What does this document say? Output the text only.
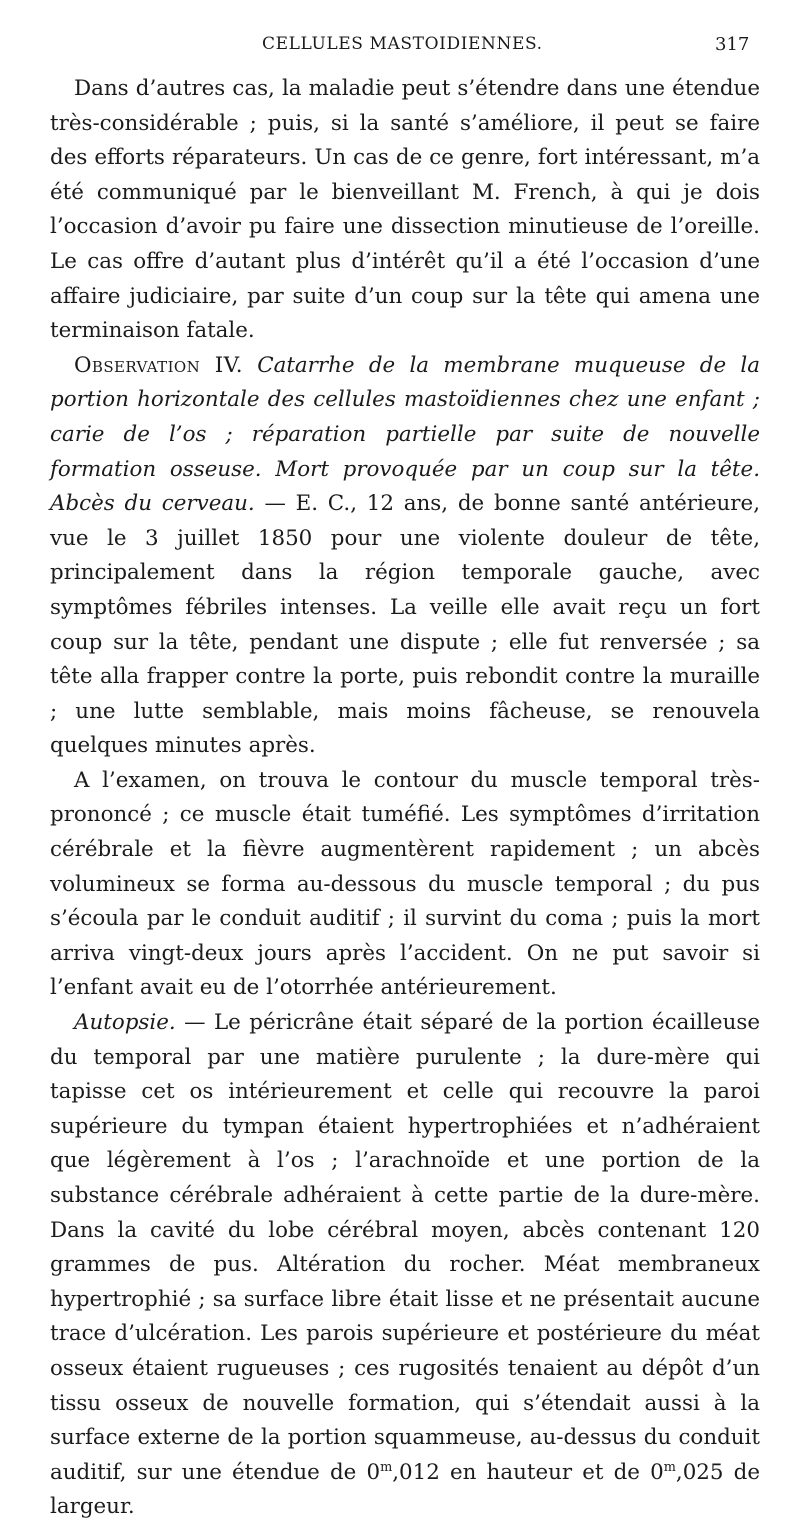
CELLULES MASTOIDIENNES.	317

Dans d’autres cas, la maladie peut s’étendre dans une étendue très-considérable ; puis, si la santé s’améliore, il peut se faire des efforts réparateurs. Un cas de ce genre, fort intéressant, m’a été communiqué par le bienveillant M. French, à qui je dois l’occasion d’avoir pu faire une dissection minutieuse de l’oreille. Le cas offre d’autant plus d’intérêt qu’il a été l’occasion d’une affaire judiciaire, par suite d’un coup sur la tête qui amena une terminaison fatale.

Observation IV. Catarrhe de la membrane muqueuse de la portion horizontale des cellules mastoïdiennes chez une enfant ; carie de l’os ; réparation partielle par suite de nouvelle formation osseuse. Mort provoquée par un coup sur la tête. Abcès du cerveau. — E. C., 12 ans, de bonne santé antérieure, vue le 3 juillet 1850 pour une violente douleur de tête, principalement dans la région temporale gauche, avec symptômes fébriles intenses. La veille elle avait reçu un fort coup sur la tête, pendant une dispute ; elle fut renversée ; sa tête alla frapper contre la porte, puis rebondit contre la muraille ; une lutte semblable, mais moins fâcheuse, se renouvela quelques minutes après.

A l’examen, on trouva le contour du muscle temporal très-prononcé ; ce muscle était tuméfié. Les symptômes d’irritation cérébrale et la fièvre augmentèrent rapidement ; un abcès volumineux se forma au-dessous du muscle temporal ; du pus s’écoula par le conduit auditif ; il survint du coma ; puis la mort arriva vingt-deux jours après l’accident. On ne put savoir si l’enfant avait eu de l’otorrhée antérieurement.

Autopsie. — Le péricrâne était séparé de la portion écailleuse du temporal par une matière purulente ; la dure-mère qui tapisse cet os intérieurement et celle qui recouvre la paroi supérieure du tympan étaient hypertrophiées et n’adhéraient que légèrement à l’os ; l’arachnoïde et une portion de la substance cérébrale adhéraient à cette partie de la dure-mère. Dans la cavité du lobe cérébral moyen, abcès contenant 120 grammes de pus. Altération du rocher. Méat membraneux hypertrophié ; sa surface libre était lisse et ne présentait aucune trace d’ulcération. Les parois supérieure et postérieure du méat osseux étaient rugueuses ; ces rugosités tenaient au dépôt d’un tissu osseux de nouvelle formation, qui s’étendait aussi à la surface externe de la portion squammeuse, au-dessus du conduit auditif, sur une étendue de 0$^m$,012 en hauteur et de 0$^m$,025 de largeur.
